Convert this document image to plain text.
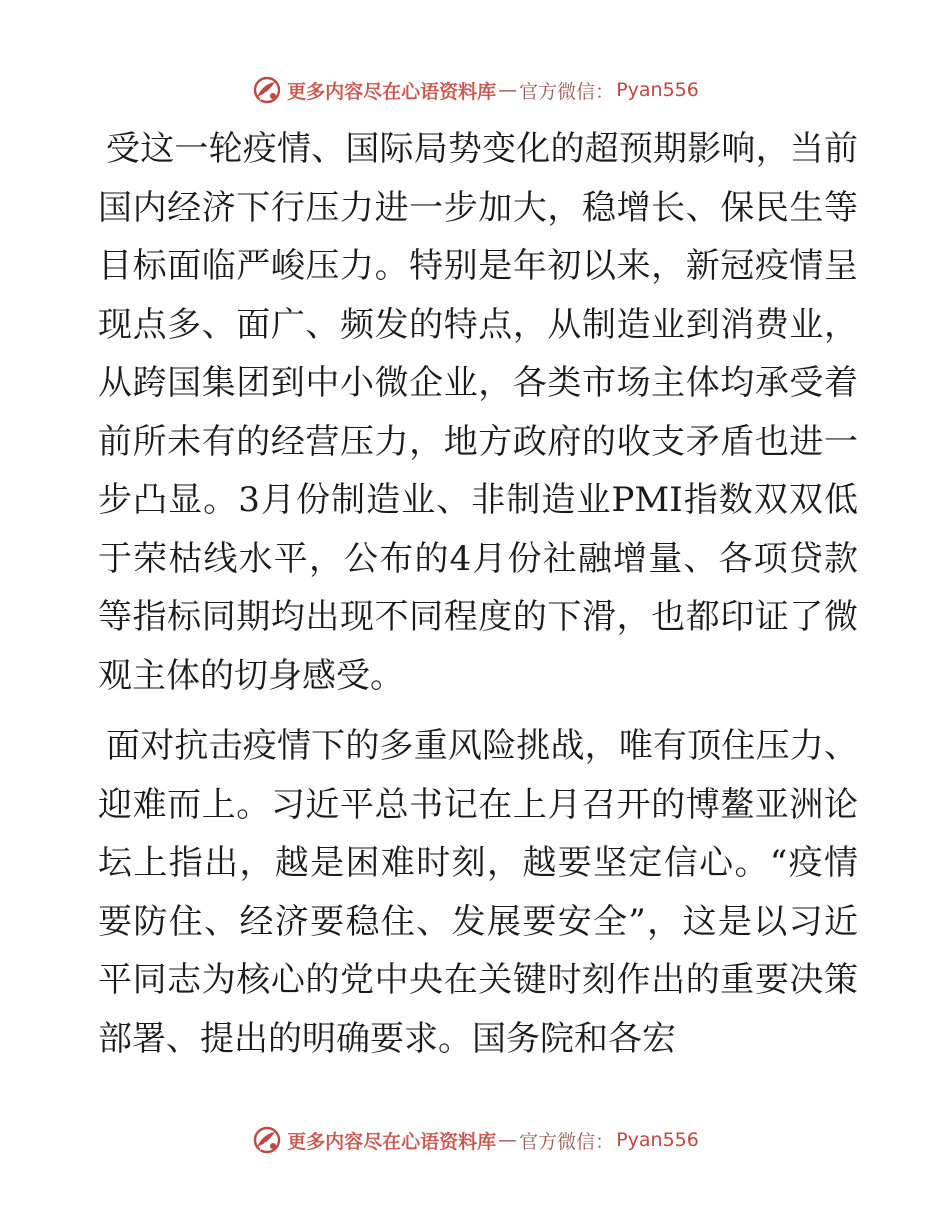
更多内容尽在心语资料库 — 官方微信： Pyan556

受这一轮疫情、国际局势变化的超预期影响，当前国内经济下行压力进一步加大，稳增长、保民生等目标面临严峻压力。特别是年初以来，新冠疫情呈现点多、面广、频发的特点，从制造业到消费业，从跨国集团到中小微企业，各类市场主体均承受着前所未有的经营压力，地方政府的收支矛盾也进一步凸显。3月份制造业、非制造业PMI指数双双低于荣枯线水平，公布的4月份社融增量、各项贷款等指标同期均出现不同程度的下滑，也都印证了微观主体的切身感受。

面对抗击疫情下的多重风险挑战，唯有顶住压力、迎难而上。习近平总书记在上月召开的博鳌亚洲论坛上指出，越是困难时刻，越要坚定信心。“疫情要防住、经济要稳住、发展要安全”，这是以习近平同志为核心的党中央在关键时刻作出的重要决策部署、提出的明确要求。国务院和各宏

更多内容尽在心语资料库 — 官方微信： Pyan556
